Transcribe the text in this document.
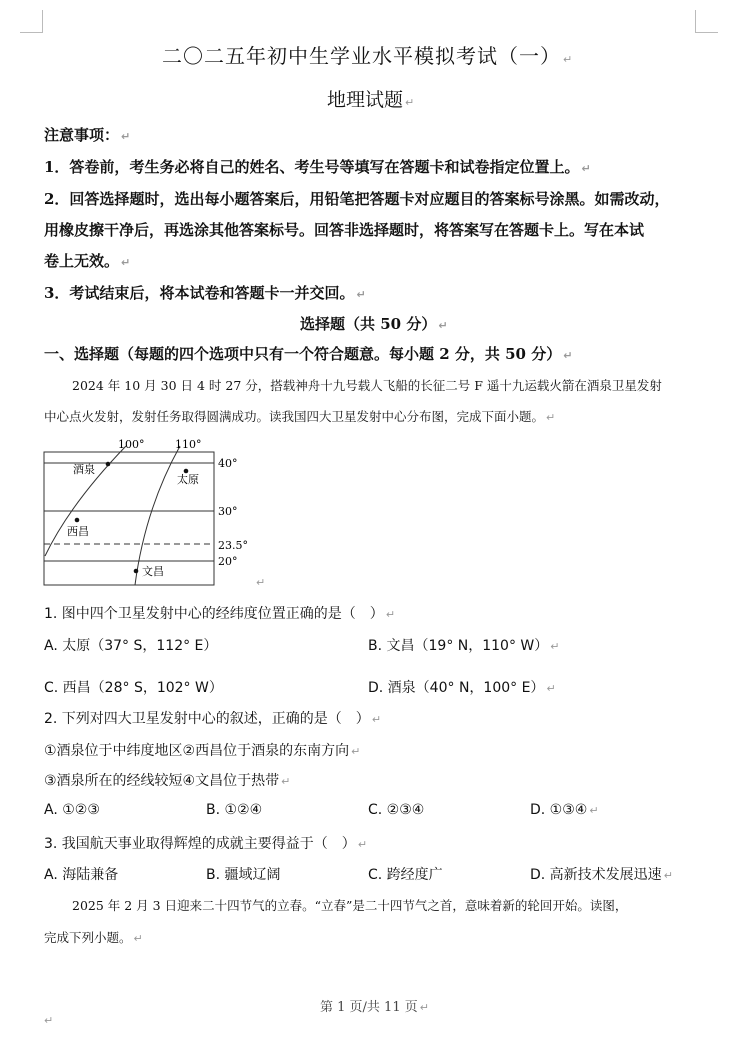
二〇二五年初中生学业水平模拟考试（一） ↵
地理试题 ↵
注意事项： ↵
1．答卷前，考生务必将自己的姓名、考生号等填写在答题卡和试卷指定位置上。 ↵
2．回答选择题时，选出每小题答案后，用铅笔把答题卡对应题目的答案标号涂黑。如需改动，
用橡皮擦干净后，再选涂其他答案标号。回答非选择题时，将答案写在答题卡上。写在本试
卷上无效。 ↵
3．考试结束后，将本试卷和答题卡一并交回。 ↵
选择题（共 50 分） ↵
一、选择题（每题的四个选项中只有一个符合题意。每小题 2 分，共 50 分） ↵
2024 年 10 月 30 日 4 时 27 分，搭载神舟十九号载人飞船的长征二号 F 遥十九运载火箭在酒泉卫星发射
中心点火发射，发射任务取得圆满成功。读我国四大卫星发射中心分布图，完成下面小题。 ↵
100°	110°
40°
30°
23.5°
20°
酒泉
太原
西昌
文昌
↵
1. 图中四个卫星发射中心的经纬度位置正确的是（　） ↵
A. 太原（37° S，112° E）	B. 文昌（19° N，110° W） ↵
C. 西昌（28° S，102° W）	D. 酒泉（40° N，100° E） ↵
2. 下列对四大卫星发射中心的叙述，正确的是（　） ↵
①酒泉位于中纬度地区②西昌位于酒泉的东南方向 ↵
③酒泉所在的经线较短④文昌位于热带 ↵
A. ①②③	B. ①②④	C. ②③④	D. ①③④ ↵
3. 我国航天事业取得辉煌的成就主要得益于（　） ↵
A. 海陆兼备	B. 疆域辽阔	C. 跨经度广	D. 高新技术发展迅速 ↵
2025 年 2 月 3 日迎来二十四节气的立春。“立春”是二十四节气之首，意味着新的轮回开始。读图，
完成下列小题。 ↵
第 1 页/共 11 页 ↵
↵
